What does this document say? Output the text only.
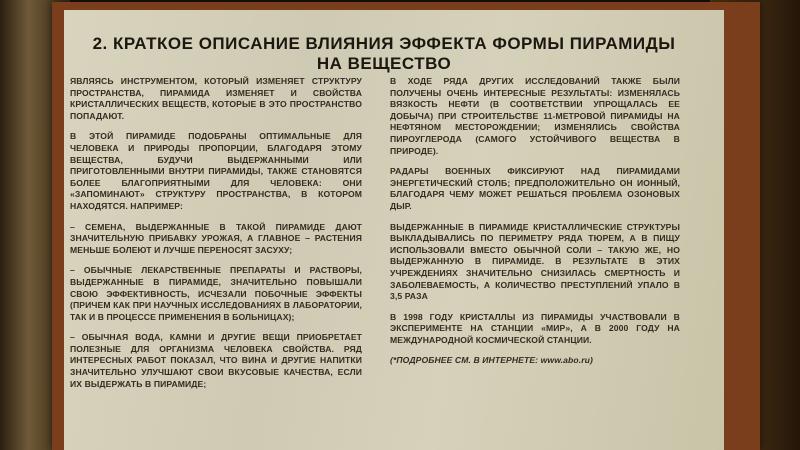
2. КРАТКОЕ ОПИСАНИЕ ВЛИЯНИЯ ЭФФЕКТА ФОРМЫ ПИРАМИДЫ НА ВЕЩЕСТВО

ЯВЛЯЯСЬ ИНСТРУМЕНТОМ, КОТОРЫЙ ИЗМЕНЯЕТ СТРУКТУРУ ПРОСТРАНСТВА, ПИРАМИДА ИЗМЕНЯЕТ И СВОЙСТВА КРИСТАЛЛИЧЕСКИХ ВЕЩЕСТВ, КОТОРЫЕ В ЭТО ПРОСТРАНСТВО ПОПАДАЮТ.

В ЭТОЙ ПИРАМИДЕ ПОДОБРАНЫ ОПТИМАЛЬНЫЕ ДЛЯ ЧЕЛОВЕКА И ПРИРОДЫ ПРОПОРЦИИ, БЛАГОДАРЯ ЭТОМУ ВЕЩЕСТВА, БУДУЧИ ВЫДЕРЖАННЫМИ ИЛИ ПРИГОТОВЛЕННЫМИ ВНУТРИ ПИРАМИДЫ, ТАКЖЕ СТАНОВЯТСЯ БОЛЕЕ БЛАГОПРИЯТНЫМИ ДЛЯ ЧЕЛОВЕКА: ОНИ «ЗАПОМИНАЮТ» СТРУКТУРУ ПРОСТРАНСТВА, В КОТОРОМ НАХОДЯТСЯ. НАПРИМЕР:

– СЕМЕНА, ВЫДЕРЖАННЫЕ В ТАКОЙ ПИРАМИДЕ ДАЮТ ЗНАЧИТЕЛЬНУЮ ПРИБАВКУ УРОЖАЯ, А ГЛАВНОЕ – РАСТЕНИЯ МЕНЬШЕ БОЛЕЮТ И ЛУЧШЕ ПЕРЕНОСЯТ ЗАСУХУ;

– ОБЫЧНЫЕ ЛЕКАРСТВЕННЫЕ ПРЕПАРАТЫ И РАСТВОРЫ, ВЫДЕРЖАННЫЕ В ПИРАМИДЕ, ЗНАЧИТЕЛЬНО ПОВЫШАЛИ СВОЮ ЭФФЕКТИВНОСТЬ, ИСЧЕЗАЛИ ПОБОЧНЫЕ ЭФФЕКТЫ (ПРИЧЕМ КАК ПРИ НАУЧНЫХ ИССЛЕДОВАНИЯХ В ЛАБОРАТОРИИ, ТАК И В ПРОЦЕССЕ ПРИМЕНЕНИЯ В БОЛЬНИЦАХ);

– ОБЫЧНАЯ ВОДА, КАМНИ И ДРУГИЕ ВЕЩИ ПРИОБРЕТАЕТ ПОЛЕЗНЫЕ ДЛЯ ОРГАНИЗМА ЧЕЛОВЕКА СВОЙСТВА. РЯД ИНТЕРЕСНЫХ РАБОТ ПОКАЗАЛ, ЧТО ВИНА И ДРУГИЕ НАПИТКИ ЗНАЧИТЕЛЬНО УЛУЧШАЮТ СВОИ ВКУСОВЫЕ КАЧЕСТВА, ЕСЛИ ИХ ВЫДЕРЖАТЬ В ПИРАМИДЕ;

В ХОДЕ РЯДА ДРУГИХ ИССЛЕДОВАНИЙ ТАКЖЕ БЫЛИ ПОЛУЧЕНЫ ОЧЕНЬ ИНТЕРЕСНЫЕ РЕЗУЛЬТАТЫ: ИЗМЕНЯЛАСЬ ВЯЗКОСТЬ НЕФТИ (В СООТВЕТСТВИИ УПРОЩАЛАСЬ ЕЕ ДОБЫЧА) ПРИ СТРОИТЕЛЬСТВЕ 11-МЕТРОВОЙ ПИРАМИДЫ НА НЕФТЯНОМ МЕСТОРОЖДЕНИИ; ИЗМЕНЯЛИСЬ СВОЙСТВА ПИРОУГЛЕРОДА (САМОГО УСТОЙЧИВОГО ВЕЩЕСТВА В ПРИРОДЕ).

РАДАРЫ ВОЕННЫХ ФИКСИРУЮТ НАД ПИРАМИДАМИ ЭНЕРГЕТИЧЕСКИЙ СТОЛБ; ПРЕДПОЛОЖИТЕЛЬНО ОН ИОННЫЙ, БЛАГОДАРЯ ЧЕМУ МОЖЕТ РЕШАТЬСЯ ПРОБЛЕМА ОЗОНОВЫХ ДЫР.

ВЫДЕРЖАННЫЕ В ПИРАМИДЕ КРИСТАЛЛИЧЕСКИЕ СТРУКТУРЫ ВЫКЛАДЫВАЛИСЬ ПО ПЕРИМЕТРУ РЯДА ТЮРЕМ, А В ПИЩУ ИСПОЛЬЗОВАЛИ ВМЕСТО ОБЫЧНОЙ СОЛИ – ТАКУЮ ЖЕ, НО ВЫДЕРЖАННУЮ В ПИРАМИДЕ. В РЕЗУЛЬТАТЕ В ЭТИХ УЧРЕЖДЕНИЯХ ЗНАЧИТЕЛЬНО СНИЗИЛАСЬ СМЕРТНОСТЬ И ЗАБОЛЕВАЕМОСТЬ, А КОЛИЧЕСТВО ПРЕСТУПЛЕНИЙ УПАЛО В 3,5 РАЗА

В 1998 ГОДУ КРИСТАЛЛЫ ИЗ ПИРАМИДЫ УЧАСТВОВАЛИ В ЭКСПЕРИМЕНТЕ НА СТАНЦИИ «МИР», А В 2000 ГОДУ НА МЕЖДУНАРОДНОЙ КОСМИЧЕСКОЙ СТАНЦИИ.

(*ПОДРОБНЕЕ СМ. В ИНТЕРНЕТЕ: www.abo.ru)
